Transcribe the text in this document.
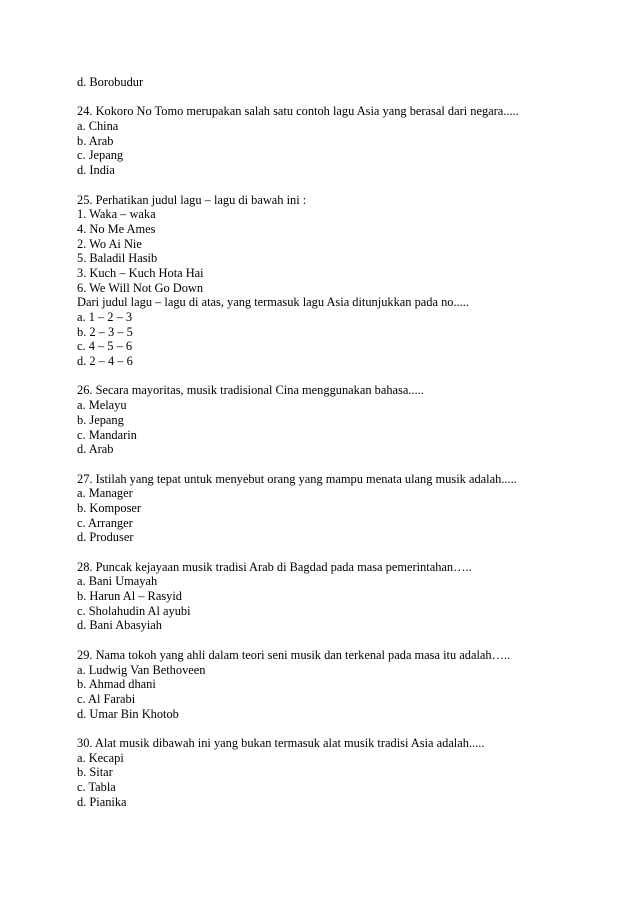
d. Borobudur
24. Kokoro No Tomo merupakan salah satu contoh lagu Asia yang berasal dari negara.....
a. China
b. Arab
c. Jepang
d. India
25. Perhatikan judul lagu – lagu di bawah ini :
1. Waka – waka
4. No Me Ames
2. Wo Ai Nie
5. Baladil Hasib
3. Kuch – Kuch Hota Hai
6. We Will Not Go Down
Dari judul lagu – lagu di atas, yang termasuk lagu Asia ditunjukkan pada no.....
a. 1 – 2 – 3
b. 2 – 3 – 5
c. 4 – 5 – 6
d. 2 – 4 – 6
26. Secara mayoritas, musik tradisional Cina menggunakan bahasa.....
a. Melayu
b. Jepang
c. Mandarin
d. Arab
27. Istilah yang tepat untuk menyebut orang yang mampu menata ulang musik adalah.....
a. Manager
b. Komposer
c. Arranger
d. Produser
28. Puncak kejayaan musik tradisi Arab di Bagdad pada masa pemerintahan…..
a. Bani Umayah
b. Harun Al – Rasyid
c. Sholahudin Al ayubi
d. Bani Abasyiah
29. Nama tokoh yang ahli dalam teori seni musik dan terkenal pada masa itu adalah…..
a. Ludwig Van Bethoveen
b. Ahmad dhani
c. Al Farabi
d. Umar Bin Khotob
30. Alat musik dibawah ini yang bukan termasuk alat musik tradisi Asia adalah.....
a. Kecapi
b. Sitar
c. Tabla
d. Pianika
